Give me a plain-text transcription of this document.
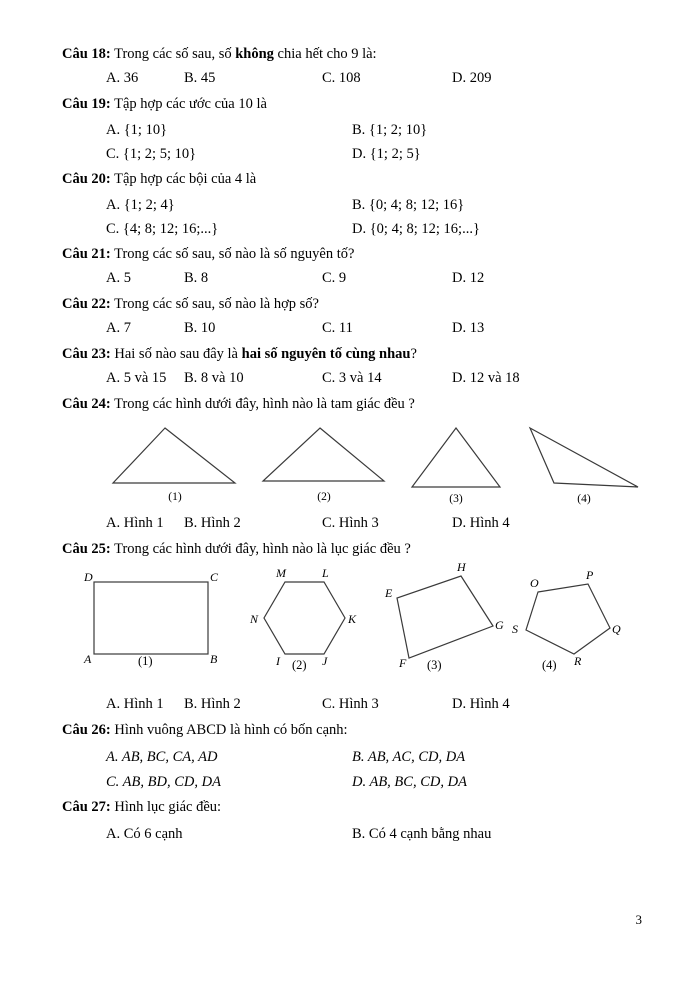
Câu 18: Trong các số sau, số không chia hết cho 9 là:
A. 36	B. 45	C. 108	D. 209
Câu 19: Tập hợp các ước của 10 là
A. {1; 10}	B. {1; 2; 10}
C. {1; 2; 5; 10}	D. {1; 2; 5}
Câu 20: Tập hợp các bội của 4 là
A. {1; 2; 4}	B. {0; 4; 8; 12; 16}
C. {4; 8; 12; 16;...}	D. {0; 4; 8; 12; 16;...}
Câu 21: Trong các số sau, số nào là số nguyên tố?
A. 5	B. 8	C. 9	D. 12
Câu 22: Trong các số sau, số nào là hợp số?
A. 7	B. 10	C. 11	D. 13
Câu 23: Hai số nào sau đây là hai số nguyên tố cùng nhau?
A. 5 và 15	B. 8 và 10	C. 3 và 14	D. 12 và 18
Câu 24: Trong các hình dưới đây, hình nào là tam giác đều ?
(1)	(2)	(3)	(4)
A. Hình 1	B. Hình 2	C. Hình 3	D. Hình 4
Câu 25: Trong các hình dưới đây, hình nào là lục giác đều ?
D	C
A	B
(1)
M	L
N	K
I	J
(2)
H
E
G
F (3)
O
P
S	Q
R
(4)
A. Hình 1	B. Hình 2	C. Hình 3	D. Hình 4
Câu 26: Hình vuông ABCD là hình có bốn cạnh:
A. AB, BC, CA, AD	B. AB, AC, CD, DA
C. AB, BD, CD, DA	D. AB, BC, CD, DA
Câu 27: Hình lục giác đều:
A. Có 6 cạnh	B. Có 4 cạnh bằng nhau
3
